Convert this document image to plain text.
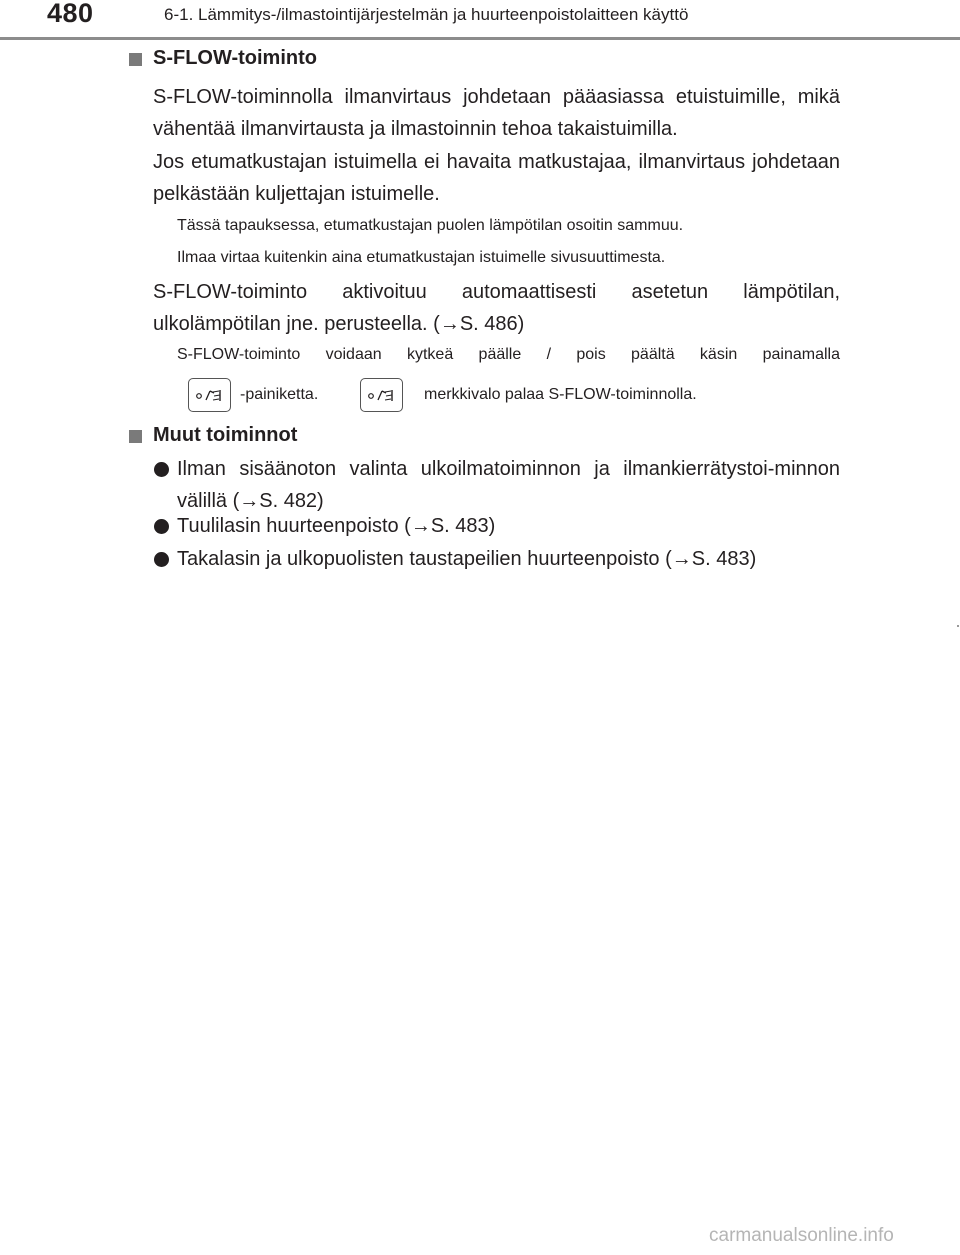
480	6-1. Lämmitys-/ilmastointijärjestelmän ja huurteenpoistolaitteen käyttö
S-FLOW-toiminto
S-FLOW-toiminnolla ilmanvirtaus johdetaan pääasiassa etuistuimille, mikä vähentää ilmanvirtausta ja ilmastoinnin tehoa takaistuimilla.
Jos etumatkustajan istuimella ei havaita matkustajaa, ilmanvirtaus johdetaan pelkästään kuljettajan istuimelle.
Tässä tapauksessa, etumatkustajan puolen lämpötilan osoitin sammuu.
Ilmaa virtaa kuitenkin aina etumatkustajan istuimelle sivusuuttimesta.
S-FLOW-toiminto aktivoituu automaattisesti asetetun lämpötilan, ulkolämpötilan jne. perusteella. (→S. 486)
S-FLOW-toiminto voidaan kytkeä päälle / pois päältä käsin painamalla
-painiketta.	merkkivalo palaa S-FLOW-toiminnolla.
Muut toiminnot
Ilman sisäänoton valinta ulkoilmatoiminnon ja ilmankierrätystoi-minnon välillä (→S. 482)
Tuulilasin huurteenpoisto (→S. 483)
Takalasin ja ulkopuolisten taustapeilien huurteenpoisto (→S. 483)
carmanualsonline.info
